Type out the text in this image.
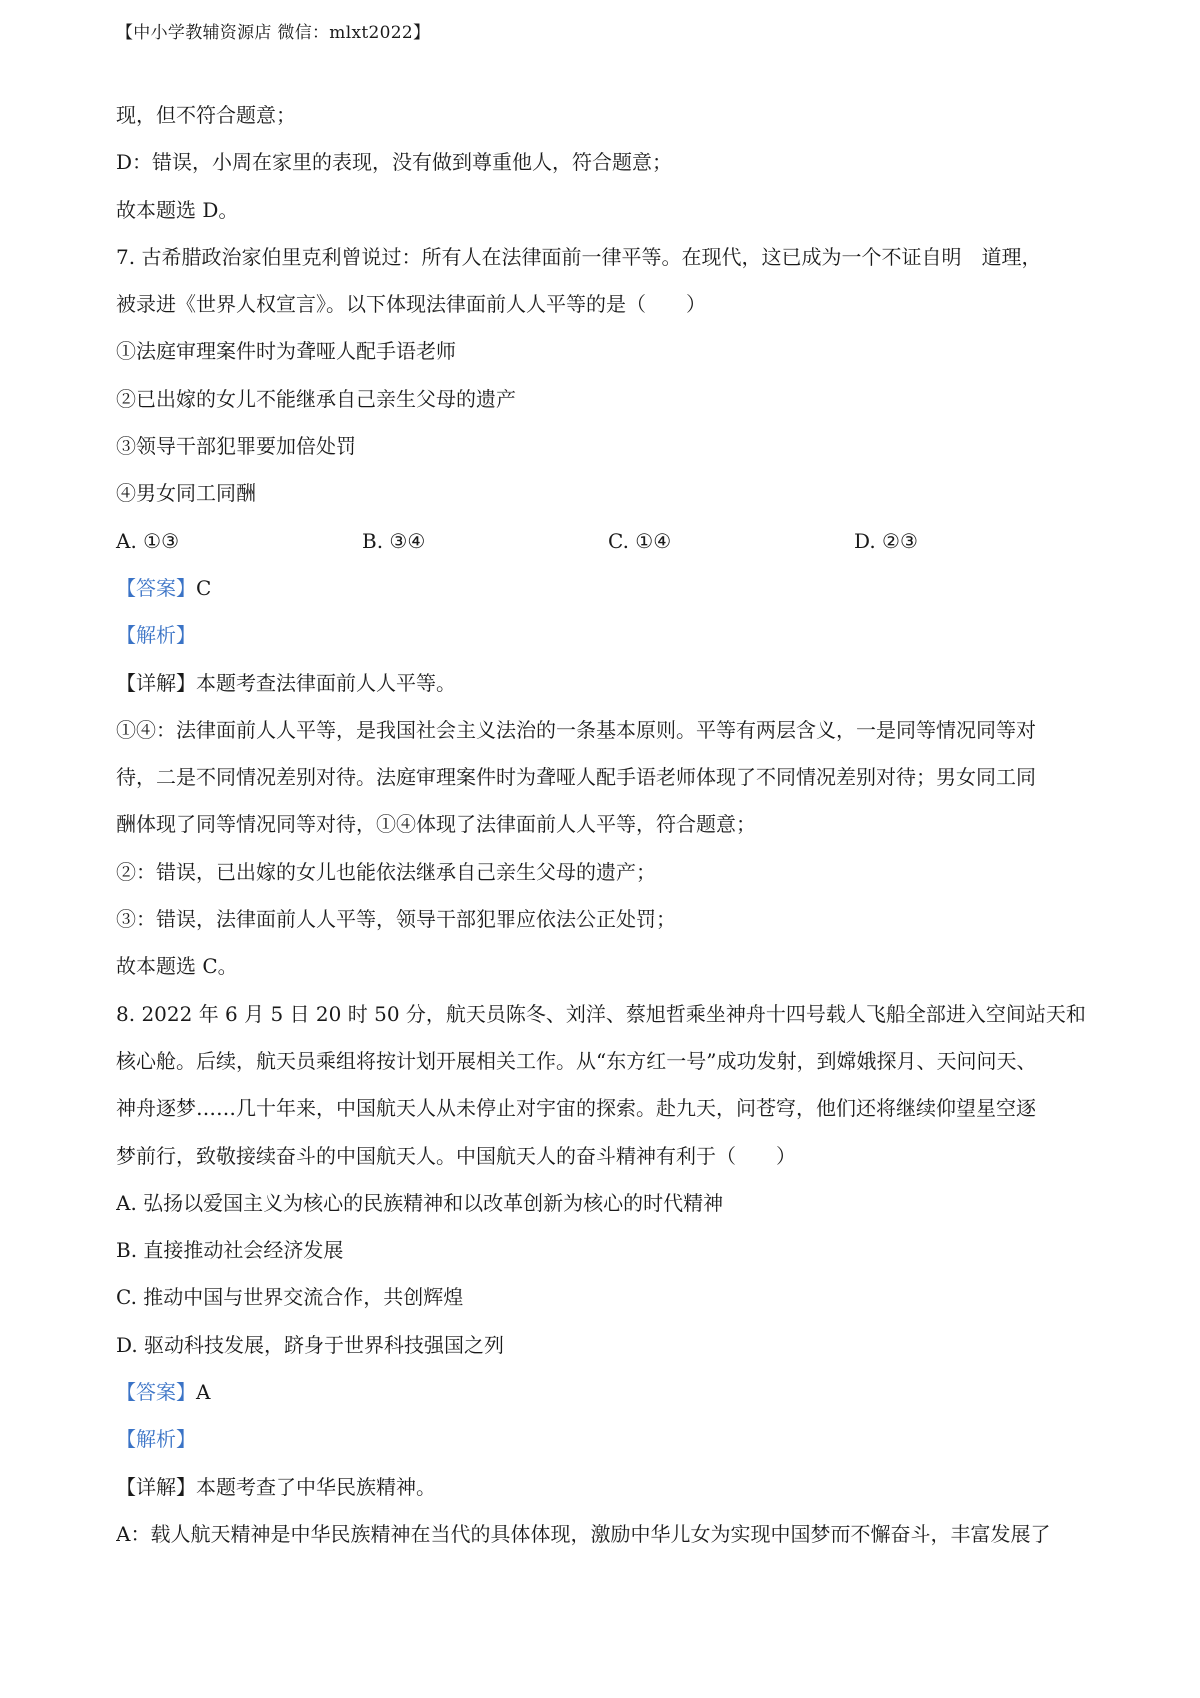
【中小学教辅资源店 微信：mlxt2022】
现，但不符合题意；
D：错误，小周在家里的表现，没有做到尊重他人，符合题意；
故本题选 D。
7. 古希腊政治家伯里克利曾说过：所有人在法律面前一律平等。在现代，这已成为一个不证自明　道理，
被录进《世界人权宣言》。以下体现法律面前人人平等的是（　　）
①法庭审理案件时为聋哑人配手语老师
②已出嫁的女儿不能继承自己亲生父母的遗产
③领导干部犯罪要加倍处罚
④男女同工同酬
A. ①③	B. ③④	C. ①④	D. ②③
【答案】C
【解析】
【详解】本题考查法律面前人人平等。
①④：法律面前人人平等，是我国社会主义法治的一条基本原则。平等有两层含义，一是同等情况同等对
待，二是不同情况差别对待。法庭审理案件时为聋哑人配手语老师体现了不同情况差别对待；男女同工同
酬体现了同等情况同等对待，①④体现了法律面前人人平等，符合题意；
②：错误，已出嫁的女儿也能依法继承自己亲生父母的遗产；
③：错误，法律面前人人平等，领导干部犯罪应依法公正处罚；
故本题选 C。
8. 2022 年 6 月 5 日 20 时 50 分，航天员陈冬、刘洋、蔡旭哲乘坐神舟十四号载人飞船全部进入空间站天和
核心舱。后续，航天员乘组将按计划开展相关工作。从“东方红一号”成功发射，到嫦娥探月、天问问天、
神舟逐梦……几十年来，中国航天人从未停止对宇宙的探索。赴九天，问苍穹，他们还将继续仰望星空逐
梦前行，致敬接续奋斗的中国航天人。中国航天人的奋斗精神有利于（　　）
A. 弘扬以爱国主义为核心的民族精神和以改革创新为核心的时代精神
B. 直接推动社会经济发展
C. 推动中国与世界交流合作，共创辉煌
D. 驱动科技发展，跻身于世界科技强国之列
【答案】A
【解析】
【详解】本题考查了中华民族精神。
A：载人航天精神是中华民族精神在当代的具体体现，激励中华儿女为实现中国梦而不懈奋斗，丰富发展了
